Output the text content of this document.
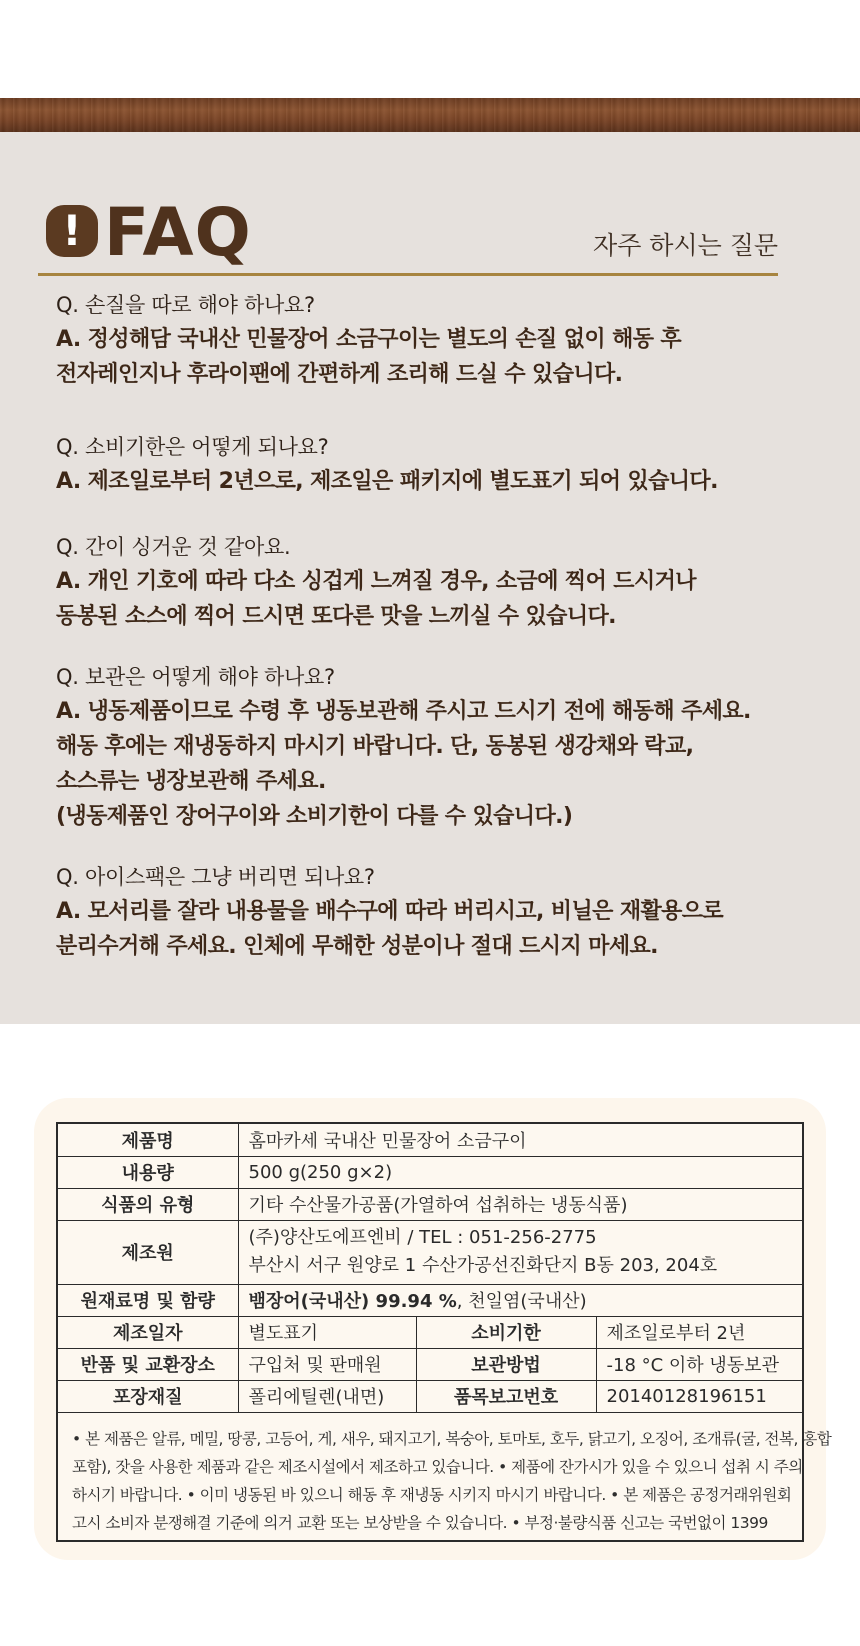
! FAQ	자주 하시는 질문
Q. 손질을 따로 해야 하나요?
A. 정성해담 국내산 민물장어 소금구이는 별도의 손질 없이 해동 후
전자레인지나 후라이팬에 간편하게 조리해 드실 수 있습니다.
Q. 소비기한은 어떻게 되나요?
A. 제조일로부터 2년으로, 제조일은 패키지에 별도표기 되어 있습니다.
Q. 간이 싱거운 것 같아요.
A. 개인 기호에 따라 다소 싱겁게 느껴질 경우, 소금에 찍어 드시거나
동봉된 소스에 찍어 드시면 또다른 맛을 느끼실 수 있습니다.
Q. 보관은 어떻게 해야 하나요?
A. 냉동제품이므로 수령 후 냉동보관해 주시고 드시기 전에 해동해 주세요.
해동 후에는 재냉동하지 마시기 바랍니다. 단, 동봉된 생강채와 락교,
소스류는 냉장보관해 주세요.
(냉동제품인 장어구이와 소비기한이 다를 수 있습니다.)
Q. 아이스팩은 그냥 버리면 되나요?
A. 모서리를 잘라 내용물을 배수구에 따라 버리시고, 비닐은 재활용으로
분리수거해 주세요. 인체에 무해한 성분이나 절대 드시지 마세요.
제품명	홈마카세 국내산 민물장어 소금구이		
내용량	500 g(250 g×2)		
식품의 유형	기타 수산물가공품(가열하여 섭취하는 냉동식품)		
제조원	(주)양산도에프엔비 / TEL : 051-256-2775
부산시 서구 원양로 1 수산가공선진화단지 B동 203, 204호		

원재료명 및 함량	뱀장어(국내산) 99.94 %, 천일염(국내산)		
제조일자	별도표기	소비기한	제조일로부터 2년
반품 및 교환장소	구입처 및 판매원	보관방법	-18 °C 이하 냉동보관
포장재질	폴리에틸렌(내면)	품목보고번호	20140128196151
• 본 제품은 알류, 메밀, 땅콩, 고등어, 게, 새우, 돼지고기, 복숭아, 토마토, 호두, 닭고기, 오징어, 조개류(굴, 전복, 홍합
포함), 잣을 사용한 제품과 같은 제조시설에서 제조하고 있습니다. • 제품에 잔가시가 있을 수 있으니 섭취 시 주의
하시기 바랍니다. • 이미 냉동된 바 있으니 해동 후 재냉동 시키지 마시기 바랍니다. • 본 제품은 공정거래위원회
고시 소비자 분쟁해결 기준에 의거 교환 또는 보상받을 수 있습니다. • 부정·불량식품 신고는 국번없이 1399
